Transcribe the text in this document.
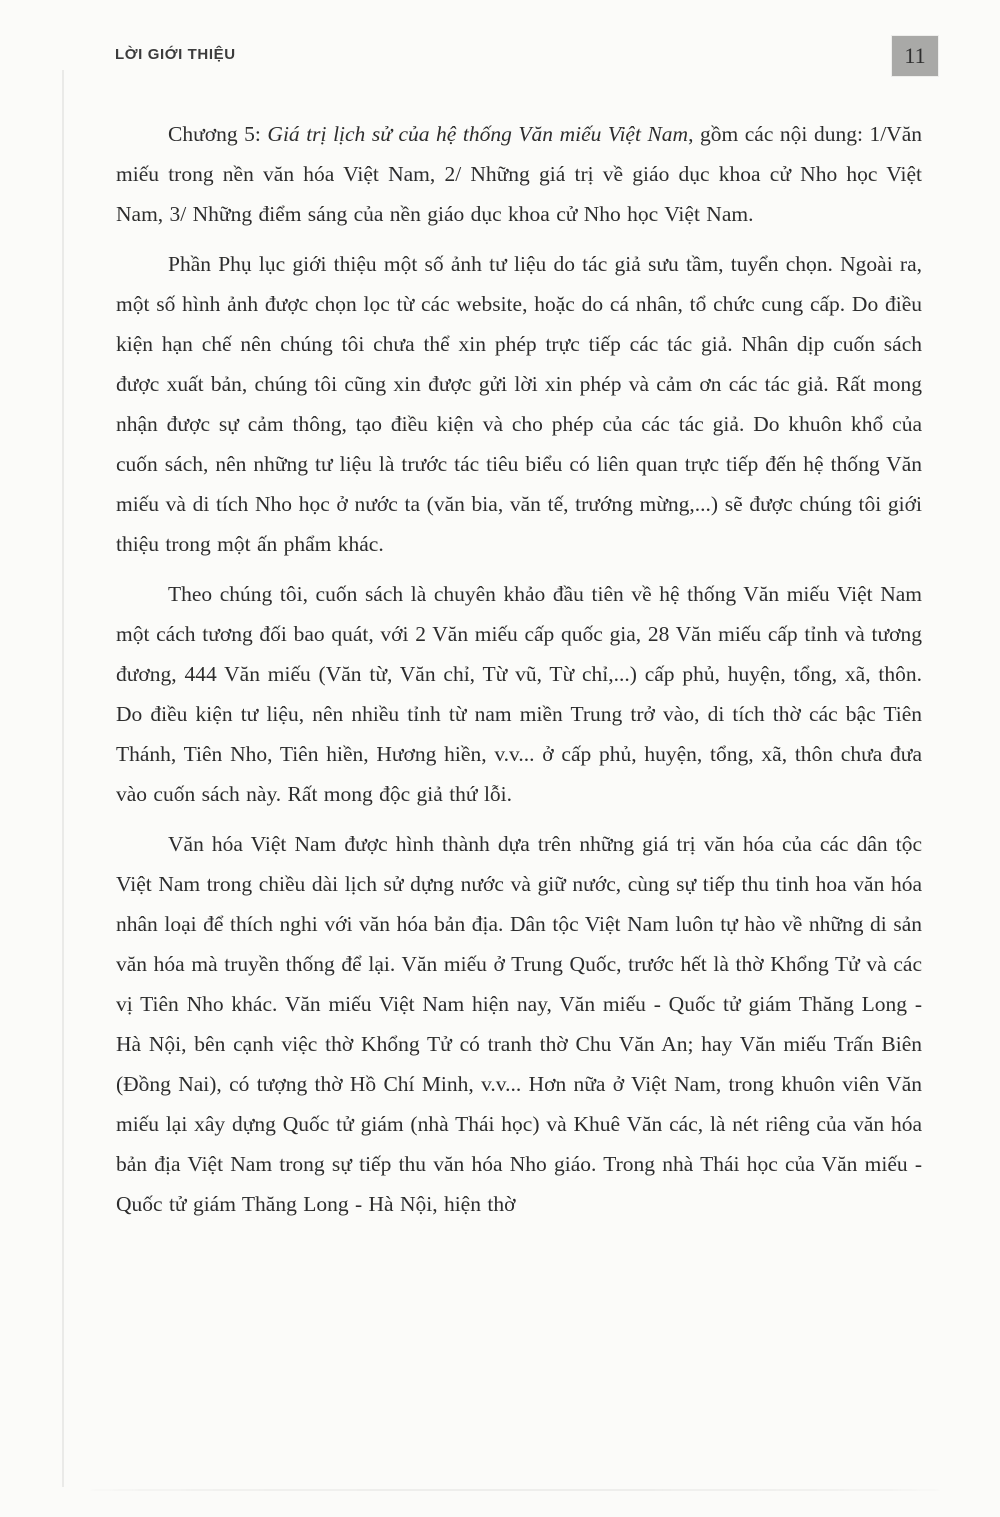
LỜI GIỚI THIỆU	11

Chương 5: Giá trị lịch sử của hệ thống Văn miếu Việt Nam, gồm các nội dung: 1/Văn miếu trong nền văn hóa Việt Nam, 2/ Những giá trị về giáo dục khoa cử Nho học Việt Nam, 3/ Những điểm sáng của nền giáo dục khoa cử Nho học Việt Nam.

Phần Phụ lục giới thiệu một số ảnh tư liệu do tác giả sưu tầm, tuyển chọn. Ngoài ra, một số hình ảnh được chọn lọc từ các website, hoặc do cá nhân, tổ chức cung cấp. Do điều kiện hạn chế nên chúng tôi chưa thể xin phép trực tiếp các tác giả. Nhân dịp cuốn sách được xuất bản, chúng tôi cũng xin được gửi lời xin phép và cảm ơn các tác giả. Rất mong nhận được sự cảm thông, tạo điều kiện và cho phép của các tác giả. Do khuôn khổ của cuốn sách, nên những tư liệu là trước tác tiêu biểu có liên quan trực tiếp đến hệ thống Văn miếu và di tích Nho học ở nước ta (văn bia, văn tế, trướng mừng,...) sẽ được chúng tôi giới thiệu trong một ấn phẩm khác.

Theo chúng tôi, cuốn sách là chuyên khảo đầu tiên về hệ thống Văn miếu Việt Nam một cách tương đối bao quát, với 2 Văn miếu cấp quốc gia, 28 Văn miếu cấp tỉnh và tương đương, 444 Văn miếu (Văn từ, Văn chỉ, Từ vũ, Từ chỉ,...) cấp phủ, huyện, tổng, xã, thôn. Do điều kiện tư liệu, nên nhiều tỉnh từ nam miền Trung trở vào, di tích thờ các bậc Tiên Thánh, Tiên Nho, Tiên hiền, Hương hiền, v.v... ở cấp phủ, huyện, tổng, xã, thôn chưa đưa vào cuốn sách này. Rất mong độc giả thứ lỗi.

Văn hóa Việt Nam được hình thành dựa trên những giá trị văn hóa của các dân tộc Việt Nam trong chiều dài lịch sử dựng nước và giữ nước, cùng sự tiếp thu tinh hoa văn hóa nhân loại để thích nghi với văn hóa bản địa. Dân tộc Việt Nam luôn tự hào về những di sản văn hóa mà truyền thống để lại. Văn miếu ở Trung Quốc, trước hết là thờ Khổng Tử và các vị Tiên Nho khác. Văn miếu Việt Nam hiện nay, Văn miếu - Quốc tử giám Thăng Long - Hà Nội, bên cạnh việc thờ Khổng Tử có tranh thờ Chu Văn An; hay Văn miếu Trấn Biên (Đồng Nai), có tượng thờ Hồ Chí Minh, v.v... Hơn nữa ở Việt Nam, trong khuôn viên Văn miếu lại xây dựng Quốc tử giám (nhà Thái học) và Khuê Văn các, là nét riêng của văn hóa bản địa Việt Nam trong sự tiếp thu văn hóa Nho giáo. Trong nhà Thái học của Văn miếu - Quốc tử giám Thăng Long - Hà Nội, hiện thờ
